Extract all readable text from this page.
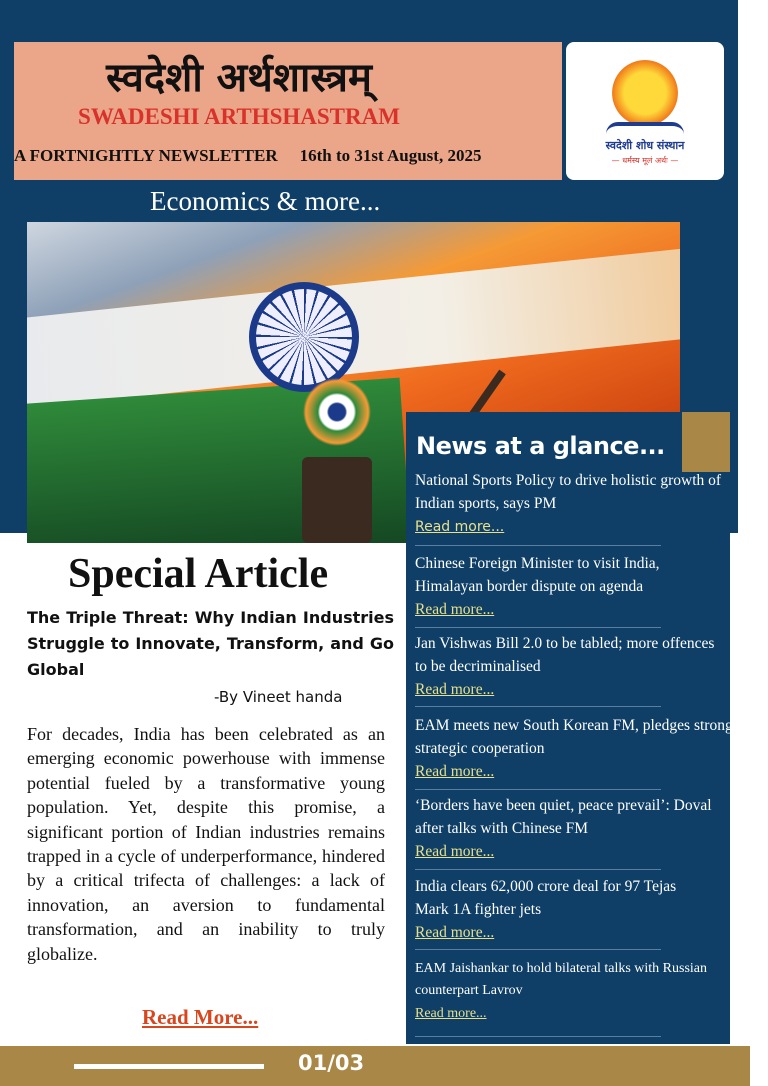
स्वदेशी अर्थशास्त्रम्
SWADESHI ARTHSHASTRAM
A FORTNIGHTLY NEWSLETTER 16th to 31st August, 2025
स्वदेशी शोध संस्थान
— धर्मस्य मूलं अर्थः —
Economics & more...
News at a glance...
National Sports Policy to drive holistic growth of Indian sports, says PM
Read more...
Chinese Foreign Minister to visit India, Himalayan border dispute on agenda
Read more...
Jan Vishwas Bill 2.0 to be tabled; more offences to be decriminalised
Read more...
EAM meets new South Korean FM, pledges stronger strategic cooperation
Read more...
‘Borders have been quiet, peace prevail’: Doval after talks with Chinese FM
Read more...
India clears 62,000 crore deal for 97 Tejas Mark 1A fighter jets
Read more...
EAM Jaishankar to hold bilateral talks with Russian counterpart Lavrov
Read more...
Special Article
The Triple Threat: Why Indian Industries Struggle to Innovate, Transform, and Go Global
-By Vineet handa
For decades, India has been celebrated as an emerging economic powerhouse with immense potential fueled by a transformative young population. Yet, despite this promise, a significant portion of Indian industries remains trapped in a cycle of underperformance, hindered by a critical trifecta of challenges: a lack of innovation, an aversion to fundamental transformation, and an inability to truly globalize.
Read More...
01/03
